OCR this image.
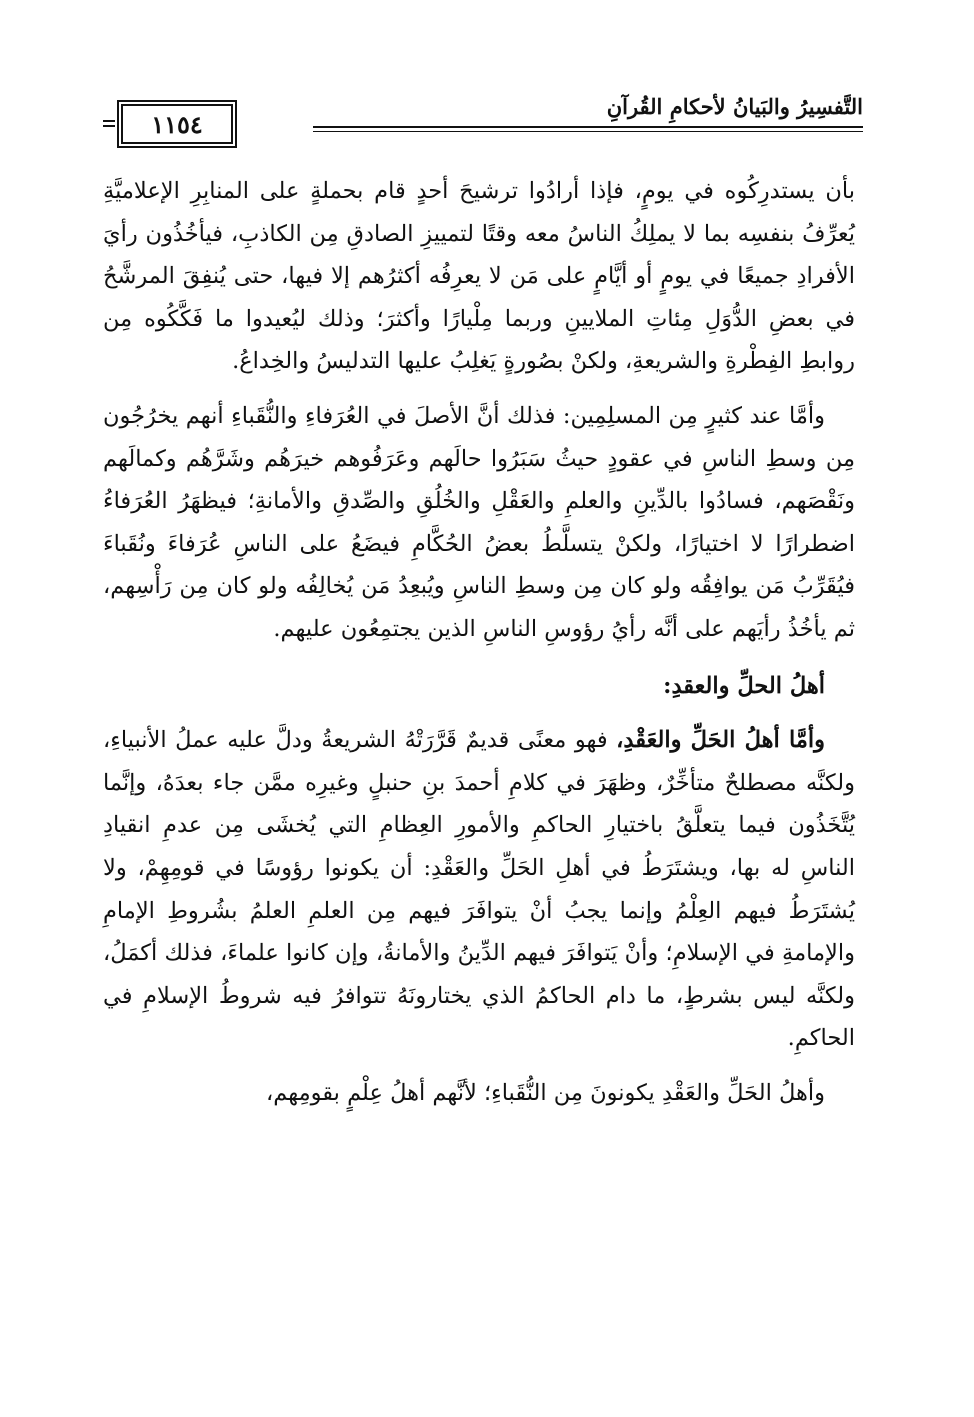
التَّفسِيرُ والبَيانُ لأحكامِ القُرآنِ
١١٥٤

بأن يستدرِكُوه في يومٍ، فإذا أرادُوا ترشيحَ أحدٍ قام بحملةٍ على المنابِرِ الإعلاميَّةِ يُعرِّفُ بنفسِه بما لا يملِكُ الناسُ معه وقتًا لتمييزِ الصادقِ مِن الكاذبِ، فيأخُذُون رأيَ الأفرادِ جميعًا في يومٍ أو أيَّامٍ على مَن لا يعرِفُه أكثرُهم إلا فيها، حتى يُنفِقَ المرشَّحُ في بعضِ الدُّوَلِ مِئاتِ الملايينِ وربما مِلْيارًا وأكثرَ؛ وذلك ليُعيدوا ما فَكَّكُوه مِن روابطِ الفِطْرةِ والشريعةِ، ولكنْ بصُورةٍ يَغلِبُ عليها التدليسُ والخِداعُ.

وأمَّا عند كثيرٍ مِن المسلِمِين: فذلك أنَّ الأصلَ في العُرَفاءِ والنُّقَباءِ أنهم يخرُجُون مِن وسطِ الناسِ في عقودٍ حيثُ سَبَرُوا حالَهم وعَرَفُوهم خيرَهُم وشَرَّهُم وكمالَهم ونَقْصَهم، فسادُوا بالدِّينِ والعلمِ والعَقْلِ والخُلُقِ والصِّدقِ والأمانةِ؛ فيظهَرُ العُرَفاءُ اضطرارًا لا اختيارًا، ولكنْ يتسلَّطُ بعضُ الحُكَّامِ فيضَعُ على الناسِ عُرَفاءَ ونُقَباءَ فيُقَرِّبُ مَن يوافِقُه ولو كان مِن وسطِ الناسِ ويُبعِدُ مَن يُخالِفُه ولو كان مِن رَأْسِهم، ثم يأخُذُ رأيَهم على أنَّه رأيُ رؤوسِ الناسِ الذين يجتمِعُون عليهم.

أهلُ الحلِّ والعقدِ:

وأمَّا أهلُ الحَلِّ والعَقْدِ، فهو معنًى قديمٌ قَرَّرَتْهُ الشريعةُ ودلَّ عليه عملُ الأنبياءِ، ولكنَّه مصطلحٌ متأخِّرٌ، وظهَرَ في كلامِ أحمدَ بنِ حنبلٍ وغيرِه ممَّن جاء بعدَهُ، وإنَّما يُتَّخَذُون فيما يتعلَّقُ باختيارِ الحاكمِ والأمورِ العِظامِ التي يُخشَى مِن عدمِ انقيادِ الناسِ له بها، ويشتَرَطُ في أهلِ الحَلِّ والعَقْدِ: أن يكونوا رؤوسًا في قومِهِمْ، ولا يُشتَرَطُ فيهم العِلْمُ وإنما يجبُ أنْ يتوافَرَ فيهم مِن العلمِ العلمُ بشُروطِ الإمامِ والإمامةِ في الإسلامِ؛ وأنْ يَتوافَرَ فيهم الدِّينُ والأمانةُ، وإن كانوا علماءَ، فذلك أكمَلُ، ولكنَّه ليس بشرطٍ، ما دام الحاكمُ الذي يختارونَهُ تتوافرُ فيه شروطُ الإسلامِ في الحاكمِ.

وأهلُ الحَلِّ والعَقْدِ يكونونَ مِن النُّقَباءِ؛ لأنَّهم أهلُ عِلْمٍ بقومِهم،
